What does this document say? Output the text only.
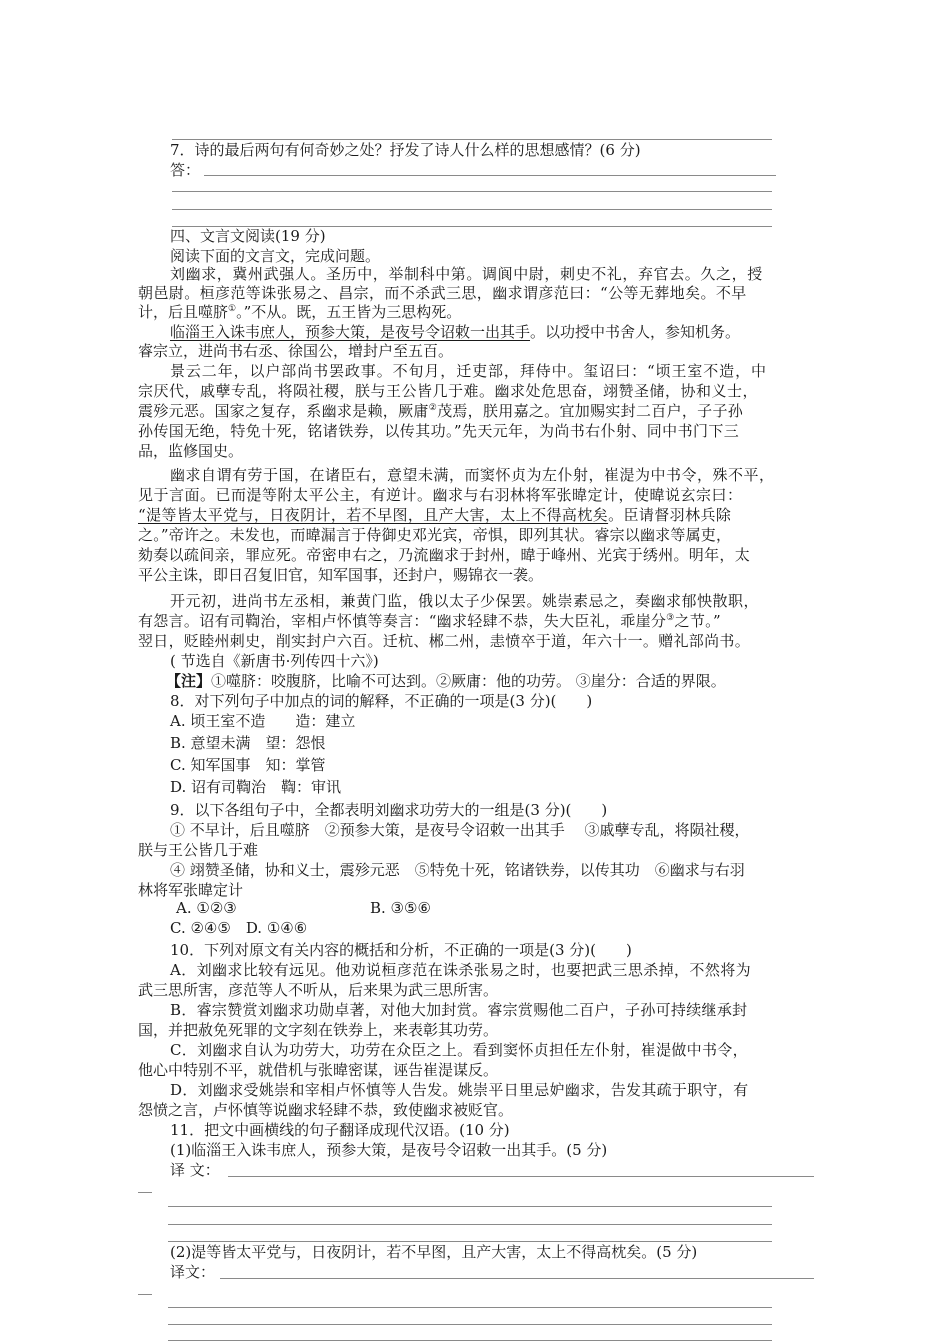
7．诗的最后两句有何奇妙之处？抒发了诗人什么样的思想感情？(6 分)
答：
四、文言文阅读(19 分)
阅读下面的文言文，完成问题。
刘幽求，冀州武强人。圣历中，举制科中第。调阆中尉，刺史不礼，弃官去。久之，授
朝邑尉。桓彦范等诛张易之、昌宗，而不杀武三思，幽求谓彦范曰：“公等无葬地矣。不早
计，后且噬脐①。”不从。既，五王皆为三思构死。
临淄王入诛韦庶人，预参大策，是夜号令诏敕一出其手。以功授中书舍人，参知机务。
睿宗立，进尚书右丞、徐国公，增封户至五百。
景云二年，以户部尚书罢政事。不旬月，迁吏部，拜侍中。玺诏曰：“顷王室不造，中
宗厌代，戚孽专乱，将陨社稷，朕与王公皆几于难。幽求处危思奋，翊赞圣储，协和义士，
震殄元恶。国家之复存，系幽求是赖，厥庸②茂焉，朕用嘉之。宜加赐实封二百户，子子孙
孙传国无绝，特免十死，铭诸铁券，以传其功。”先天元年，为尚书右仆射、同中书门下三
品，监修国史。
幽求自谓有劳于国，在诸臣右，意望未满，而窦怀贞为左仆射，崔湜为中书令，殊不平，
见于言面。已而湜等附太平公主，有逆计。幽求与右羽林将军张暐定计，使暐说玄宗曰：
“湜等皆太平党与，日夜阴计，若不早图，且产大害，太上不得高枕矣。臣请督羽林兵除
之。”帝许之。未发也，而暐漏言于侍御史邓光宾，帝惧，即列其状。睿宗以幽求等属吏，
劾奏以疏间亲，罪应死。帝密申右之，乃流幽求于封州，暐于峰州、光宾于绣州。明年，太
平公主诛，即日召复旧官，知军国事，还封户，赐锦衣一袭。
开元初，进尚书左丞相，兼黄门监，俄以太子少保罢。姚崇素忌之，奏幽求郁怏散职，
有怨言。诏有司鞫治，宰相卢怀慎等奏言：“幽求轻肆不恭，失大臣礼，乖崖分③之节。”
翌日，贬睦州刺史，削实封户六百。迁杭、郴二州，恚愤卒于道，年六十一。赠礼部尚书。
( 节选自《新唐书·列传四十六》)
【注】①噬脐：咬腹脐，比喻不可达到。②厥庸：他的功劳。 ③崖分：合适的界限。
8．对下列句子中加点的词的解释，不正确的一项是(3 分)(　　)
A. 顷王室不造　　造：建立
B. 意望未满　望：怨恨
C. 知军国事　知：掌管
D. 诏有司鞫治　鞫：审讯
9．以下各组句子中，全都表明刘幽求功劳大的一组是(3 分)(　　)
① 不早计，后且噬脐　②预参大策，是夜号令诏敕一出其手　 ③戚孽专乱，将陨社稷，
朕与王公皆几于难
④ 翊赞圣储，协和义士，震殄元恶　⑤特免十死，铭诸铁券，以传其功　⑥幽求与右羽
林将军张暐定计
A. ①②③	B. ③⑤⑥
C. ②④⑤　D. ①④⑥
10．下列对原文有关内容的概括和分析，不正确的一项是(3 分)(　　)
A．刘幽求比较有远见。他劝说桓彦范在诛杀张易之时，也要把武三思杀掉，不然将为
武三思所害，彦范等人不听从，后来果为武三思所害。
B．睿宗赞赏刘幽求功勋卓著，对他大加封赏。睿宗赏赐他二百户，子孙可持续继承封
国，并把赦免死罪的文字刻在铁券上，来表彰其功劳。
C．刘幽求自认为功劳大，功劳在众臣之上。看到窦怀贞担任左仆射，崔湜做中书令，
他心中特别不平，就借机与张暐密谋，诬告崔湜谋反。
D．刘幽求受姚崇和宰相卢怀慎等人告发。姚崇平日里忌妒幽求，告发其疏于职守，有
怨愤之言，卢怀慎等说幽求轻肆不恭，致使幽求被贬官。
11．把文中画横线的句子翻译成现代汉语。(10 分)
(1)临淄王入诛韦庶人，预参大策，是夜号令诏敕一出其手。(5 分)
译 文：
(2)湜等皆太平党与，日夜阴计，若不早图，且产大害，太上不得高枕矣。(5 分)
译文：
